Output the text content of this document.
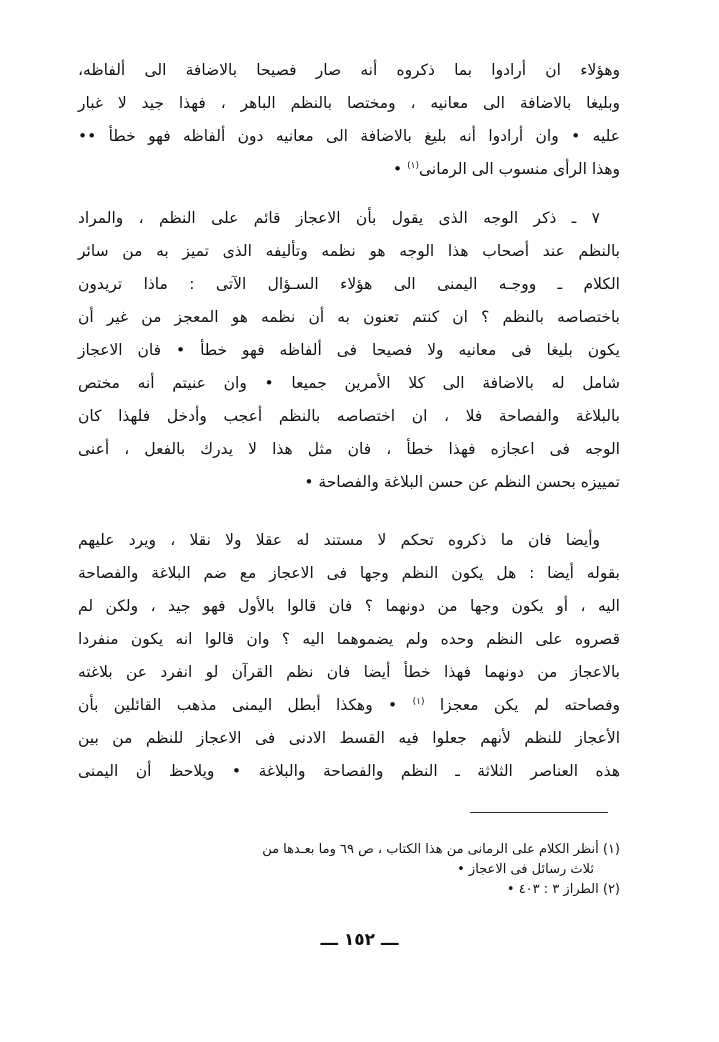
وهؤلاء ان أرادوا بما ذكروه أنه صار فصيحا بالاضافة الى ألفاظه،
وبليغا بالاضافة الى معانيه ، ومختصا بالنظم الباهر ، فهذا جيد لا غبار
عليه • وان أرادوا أنه بليغ بالاضافة الى معانيه دون ألفاظه فهو خطأ ••
وهذا الرأى منسوب الى الرمانى$^{(١)}$ •
٧ ـ ذكر الوجه الذى يقول بأن الاعجاز قائم على النظم ، والمراد
بالنظم عند أصحاب هذا الوجه هو نظمه وتأليفه الذى تميز به من سائر
الكلام ـ ووجـه اليمنى الى هؤلاء السـؤال الآتى : ماذا تريدون
باختصاصه بالنظم ؟ ان كنتم تعنون به أن نظمه هو المعجز من غير أن
يكون بليغا فى معانيه ولا فصيحا فى ألفاظه فهو خطأ • فان الاعجاز
شامل له بالاضافة الى كلا الأمرين جميعا • وان عنيتم أنه مختص
بالبلاغة والفصاحة فلا ، ان اختصاصه بالنظم أعجب وأدخل فلهذا كان
الوجه فى اعجازه فهذا خطأ ، فان مثل هذا لا يدرك بالفعل ، أعنى
تمييزه بحسن النظم عن حسن البلاغة والفصاحة •
وأيضا فان ما ذكروه تحكم لا مستند له عقلا ولا نقلا ، ويرد عليهم
بقوله أيضا : هل يكون النظم وجها فى الاعجاز مع ضم البلاغة والفصاحة
اليه ، أو يكون وجها من دونهما ؟ فان قالوا بالأول فهو جيد ، ولكن لم
قصروه على النظم وحده ولم يضموهما اليه ؟ وان قالوا انه يكون منفردا
بالاعجاز من دونهما فهذا خطأ أيضا فان نظم القرآن لو انفرد عن بلاغته
وفصاحته لم يكن معجزا $^{(١)}$ • وهكذا أبطل اليمنى مذهب القائلين بأن
الأعجاز للنظم لأنهم جعلوا فيه القسط الادنى فى الاعجاز للنظم من بين
هذه العناصر الثلاثة ـ النظم والفصاحة والبلاغة • ويلاحظ أن اليمنى
(١) أنظر الكلام على الرمانى من هذا الكتاب ، ص ٦٩ وما بعـدها من
ثلاث رسائل فى الاعجاز •
(٢) الطراز ٣ : ٤٠٣ •
ـــ ١٥٢ ـــ
